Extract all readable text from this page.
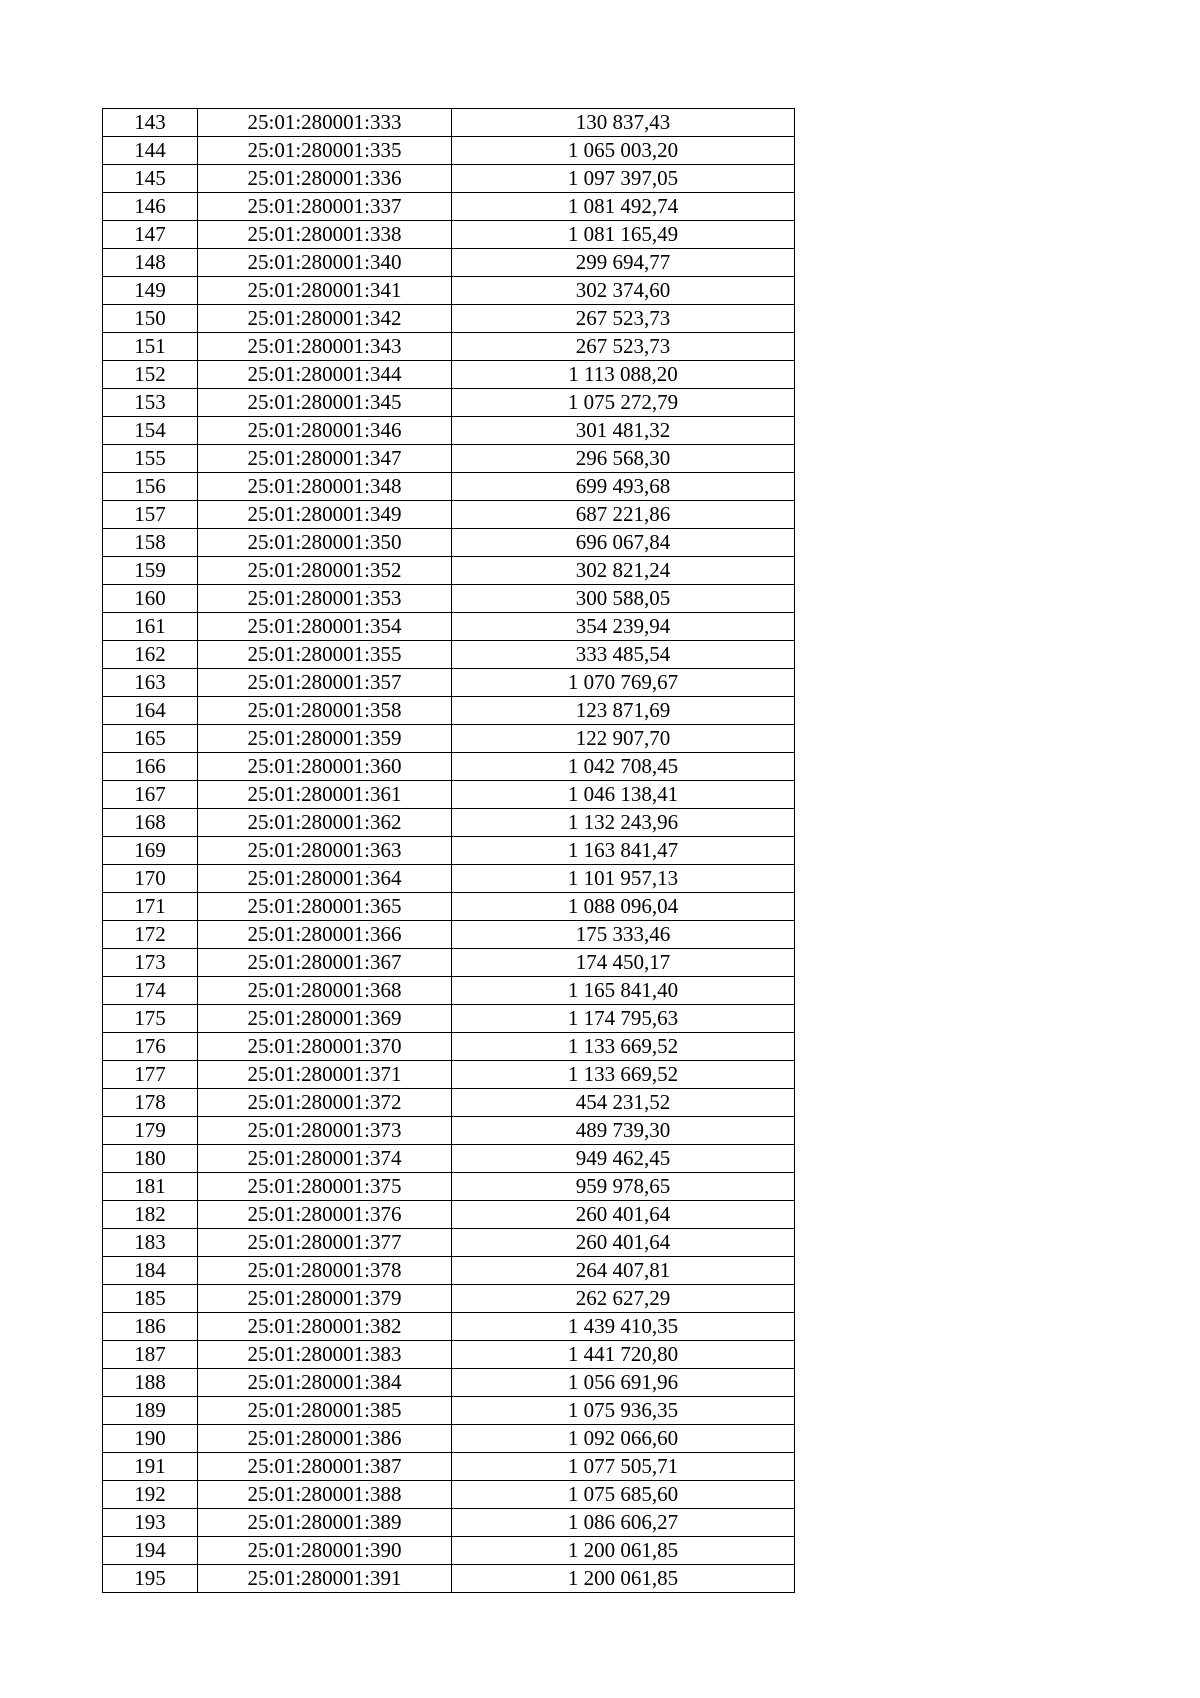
143	25:01:280001:333	130 837,43
144	25:01:280001:335	1 065 003,20
145	25:01:280001:336	1 097 397,05
146	25:01:280001:337	1 081 492,74
147	25:01:280001:338	1 081 165,49
148	25:01:280001:340	299 694,77
149	25:01:280001:341	302 374,60
150	25:01:280001:342	267 523,73
151	25:01:280001:343	267 523,73
152	25:01:280001:344	1 113 088,20
153	25:01:280001:345	1 075 272,79
154	25:01:280001:346	301 481,32
155	25:01:280001:347	296 568,30
156	25:01:280001:348	699 493,68
157	25:01:280001:349	687 221,86
158	25:01:280001:350	696 067,84
159	25:01:280001:352	302 821,24
160	25:01:280001:353	300 588,05
161	25:01:280001:354	354 239,94
162	25:01:280001:355	333 485,54
163	25:01:280001:357	1 070 769,67
164	25:01:280001:358	123 871,69
165	25:01:280001:359	122 907,70
166	25:01:280001:360	1 042 708,45
167	25:01:280001:361	1 046 138,41
168	25:01:280001:362	1 132 243,96
169	25:01:280001:363	1 163 841,47
170	25:01:280001:364	1 101 957,13
171	25:01:280001:365	1 088 096,04
172	25:01:280001:366	175 333,46
173	25:01:280001:367	174 450,17
174	25:01:280001:368	1 165 841,40
175	25:01:280001:369	1 174 795,63
176	25:01:280001:370	1 133 669,52
177	25:01:280001:371	1 133 669,52
178	25:01:280001:372	454 231,52
179	25:01:280001:373	489 739,30
180	25:01:280001:374	949 462,45
181	25:01:280001:375	959 978,65
182	25:01:280001:376	260 401,64
183	25:01:280001:377	260 401,64
184	25:01:280001:378	264 407,81
185	25:01:280001:379	262 627,29
186	25:01:280001:382	1 439 410,35
187	25:01:280001:383	1 441 720,80
188	25:01:280001:384	1 056 691,96
189	25:01:280001:385	1 075 936,35
190	25:01:280001:386	1 092 066,60
191	25:01:280001:387	1 077 505,71
192	25:01:280001:388	1 075 685,60
193	25:01:280001:389	1 086 606,27
194	25:01:280001:390	1 200 061,85
195	25:01:280001:391	1 200 061,85
